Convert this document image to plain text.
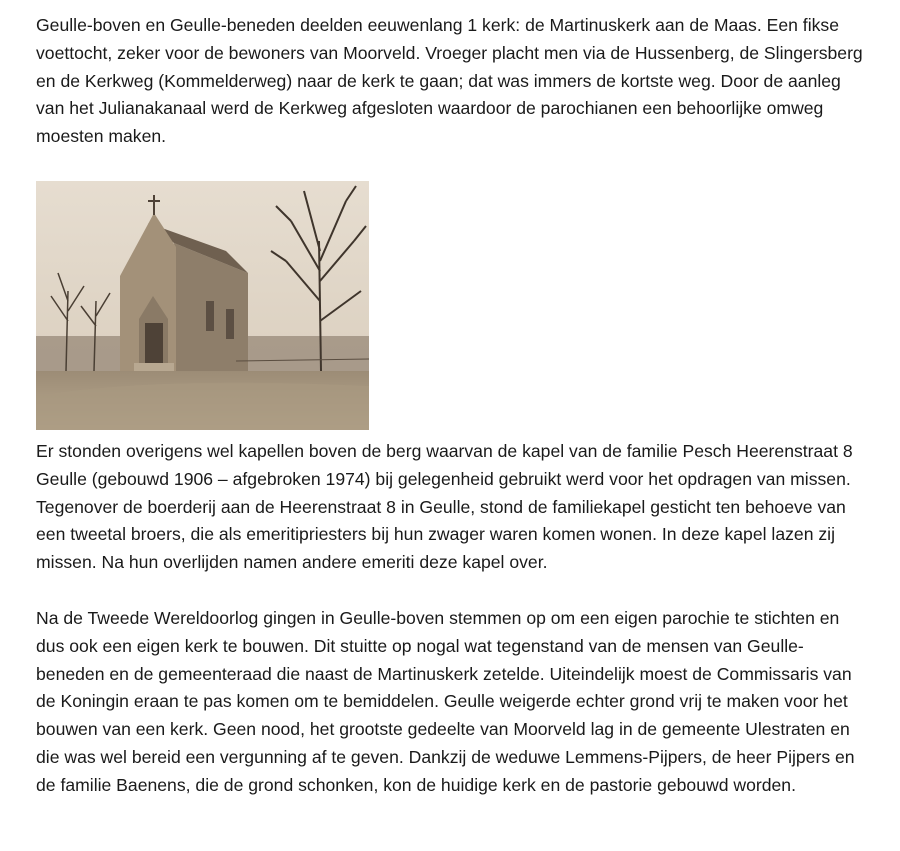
Geulle-boven en Geulle-beneden deelden eeuwenlang 1 kerk: de Martinuskerk aan de Maas. Een fikse voettocht, zeker voor de bewoners van Moorveld. Vroeger placht men via de Hussenberg, de Slingersberg en de Kerkweg (Kommelderweg) naar de kerk te gaan; dat was immers de kortste weg. Door de aanleg van het Julianakanaal werd de Kerkweg afgesloten waardoor de parochianen een behoorlijke omweg moesten maken.

Er stonden overigens wel kapellen boven de berg waarvan de kapel van de familie Pesch Heerenstraat 8 Geulle (gebouwd 1906 – afgebroken 1974) bij gelegenheid gebruikt werd voor het opdragen van missen.

Tegenover de boerderij aan de Heerenstraat 8 in Geulle, stond de familiekapel gesticht ten behoeve van een tweetal broers, die als emeritipriesters bij hun zwager waren komen wonen. In deze kapel lazen zij missen. Na hun overlijden namen andere emeriti deze kapel over.

Na de Tweede Wereldoorlog gingen in Geulle-boven stemmen op om een eigen parochie te stichten en dus ook een eigen kerk te bouwen. Dit stuitte op nogal wat tegenstand van de mensen van Geulle-beneden en de gemeenteraad die naast de Martinuskerk zetelde. Uiteindelijk moest de Commissaris van de Koningin eraan te pas komen om te bemiddelen. Geulle weigerde echter grond vrij te maken voor het bouwen van een kerk. Geen nood, het grootste gedeelte van Moorveld lag in de gemeente Ulestraten en die was wel bereid een vergunning af te geven. Dankzij de weduwe Lemmens-Pijpers, de heer Pijpers en de familie Baenens, die de grond schonken, kon de huidige kerk en de pastorie gebouwd worden.
